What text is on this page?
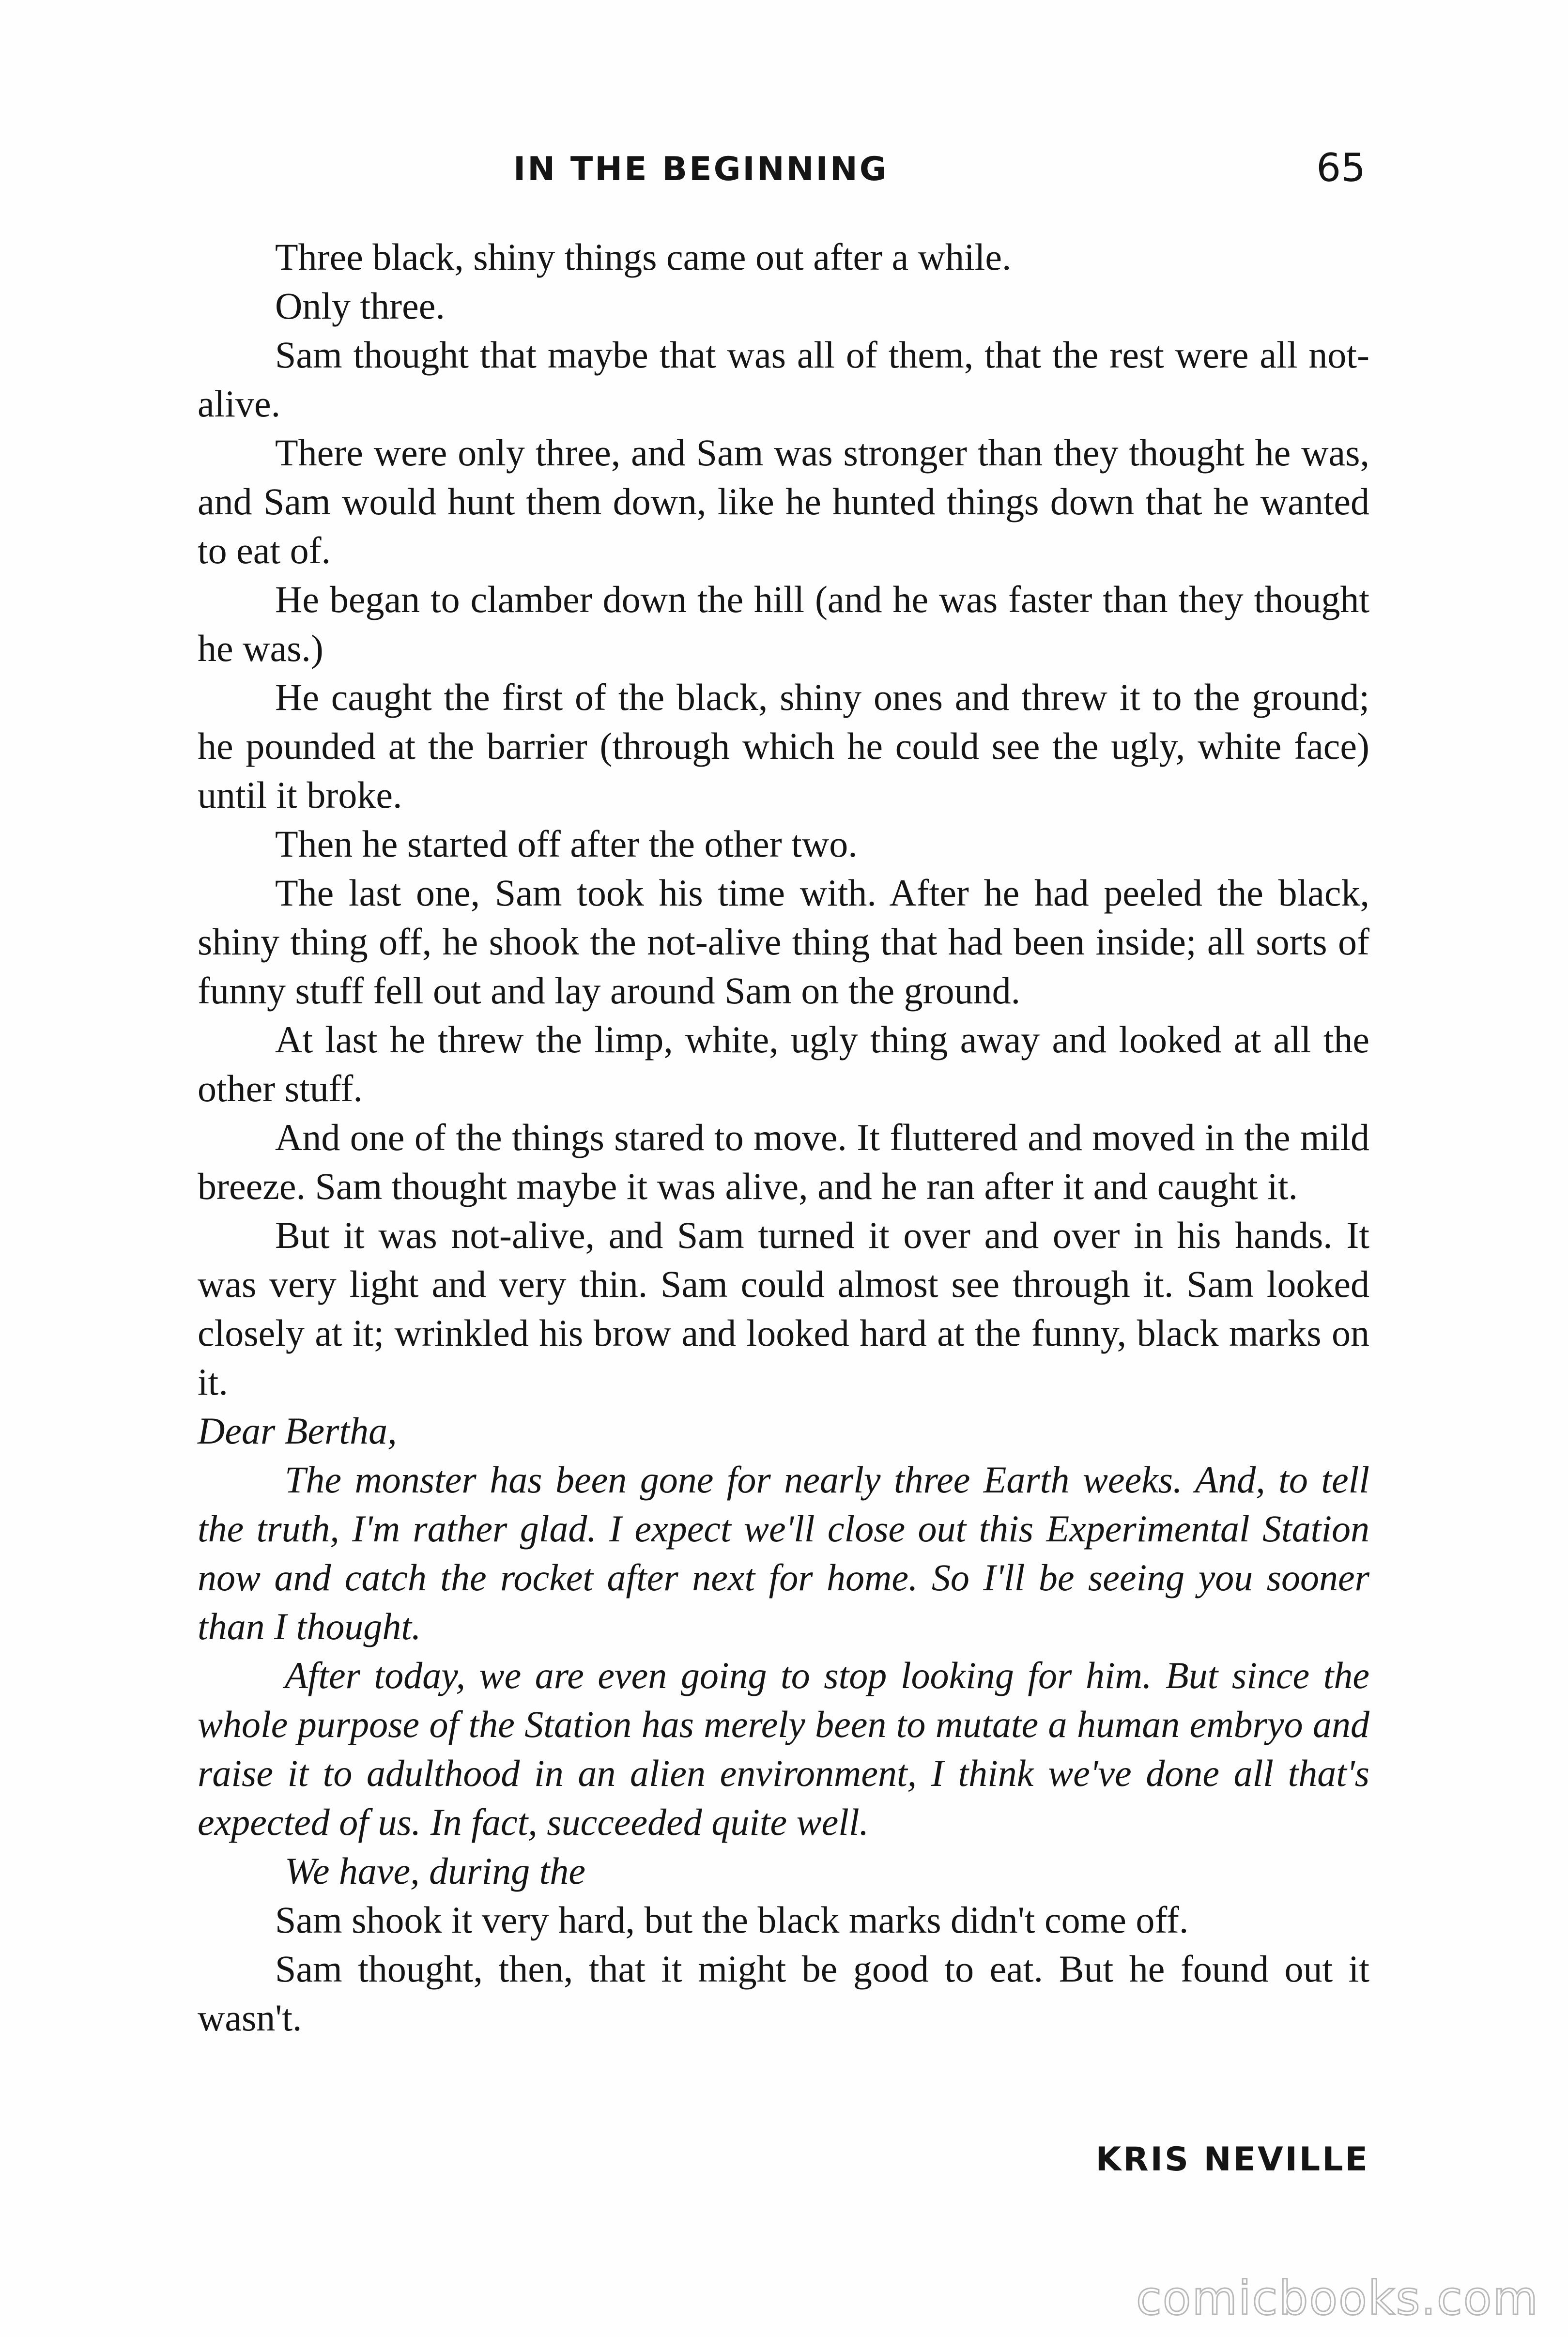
IN THE BEGINNING	65

Three black, shiny things came out after a while.

Only three.

Sam thought that maybe that was all of them, that the rest were all not-alive.

There were only three, and Sam was stronger than they thought he was, and Sam would hunt them down, like he hunted things down that he wanted to eat of.

He began to clamber down the hill (and he was faster than they thought he was.)

He caught the first of the black, shiny ones and threw it to the ground; he pounded at the barrier (through which he could see the ugly, white face) until it broke.

Then he started off after the other two.

The last one, Sam took his time with. After he had peeled the black, shiny thing off, he shook the not-alive thing that had been inside; all sorts of funny stuff fell out and lay around Sam on the ground.

At last he threw the limp, white, ugly thing away and looked at all the other stuff.

And one of the things stared to move. It fluttered and moved in the mild breeze. Sam thought maybe it was alive, and he ran after it and caught it.

But it was not-alive, and Sam turned it over and over in his hands. It was very light and very thin. Sam could almost see through it. Sam looked closely at it; wrinkled his brow and looked hard at the funny, black marks on it.

Dear Bertha,

The monster has been gone for nearly three Earth weeks. And, to tell the truth, I'm rather glad. I expect we'll close out this Experimental Station now and catch the rocket after next for home. So I'll be seeing you sooner than I thought.

After today, we are even going to stop looking for him. But since the whole purpose of the Station has merely been to mutate a human embryo and raise it to adulthood in an alien environment, I think we've done all that's expected of us. In fact, succeeded quite well.

We have, during the

Sam shook it very hard, but the black marks didn't come off.

Sam thought, then, that it might be good to eat. But he found out it wasn't.

KRIS NEVILLE
comicbooks.com
